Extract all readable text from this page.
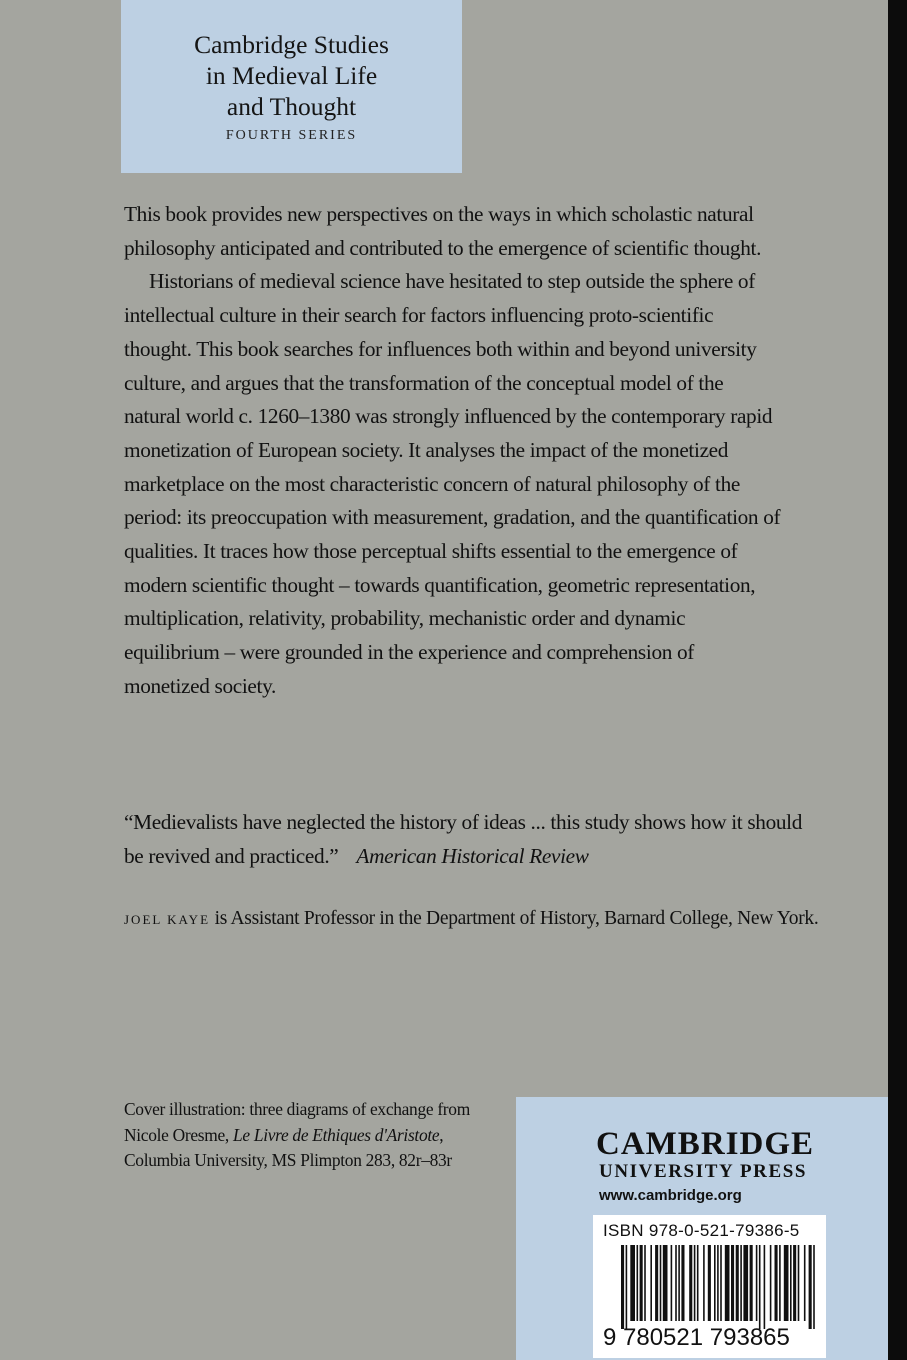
Cambridge Studies
in Medieval Life
and Thought
FOURTH SERIES

This book provides new perspectives on the ways in which scholastic natural philosophy anticipated and contributed to the emergence of scientific thought.

Historians of medieval science have hesitated to step outside the sphere of intellectual culture in their search for factors influencing proto-scientific thought. This book searches for influences both within and beyond university culture, and argues that the transformation of the conceptual model of the natural world c. 1260–1380 was strongly influenced by the contemporary rapid monetization of European society. It analyses the impact of the monetized marketplace on the most characteristic concern of natural philosophy of the period: its preoccupation with measurement, gradation, and the quantification of qualities. It traces how those perceptual shifts essential to the emergence of modern scientific thought – towards quantification, geometric representation, multiplication, relativity, probability, mechanistic order and dynamic equilibrium – were grounded in the experience and comprehension of monetized society.

“Medievalists have neglected the history of ideas ... this study shows how it should be revived and practiced.” American Historical Review
JOEL KAYE is Assistant Professor in the Department of History, Barnard College, New York.
Cover illustration: three diagrams of exchange from
Nicole Oresme, Le Livre de Ethiques d'Aristote,
Columbia University, MS Plimpton 283, 82r–83r	CAMBRIDGE
UNIVERSITY PRESS
www.cambridge.org
ISBN 978-0-521-79386-5
9 780521 793865
